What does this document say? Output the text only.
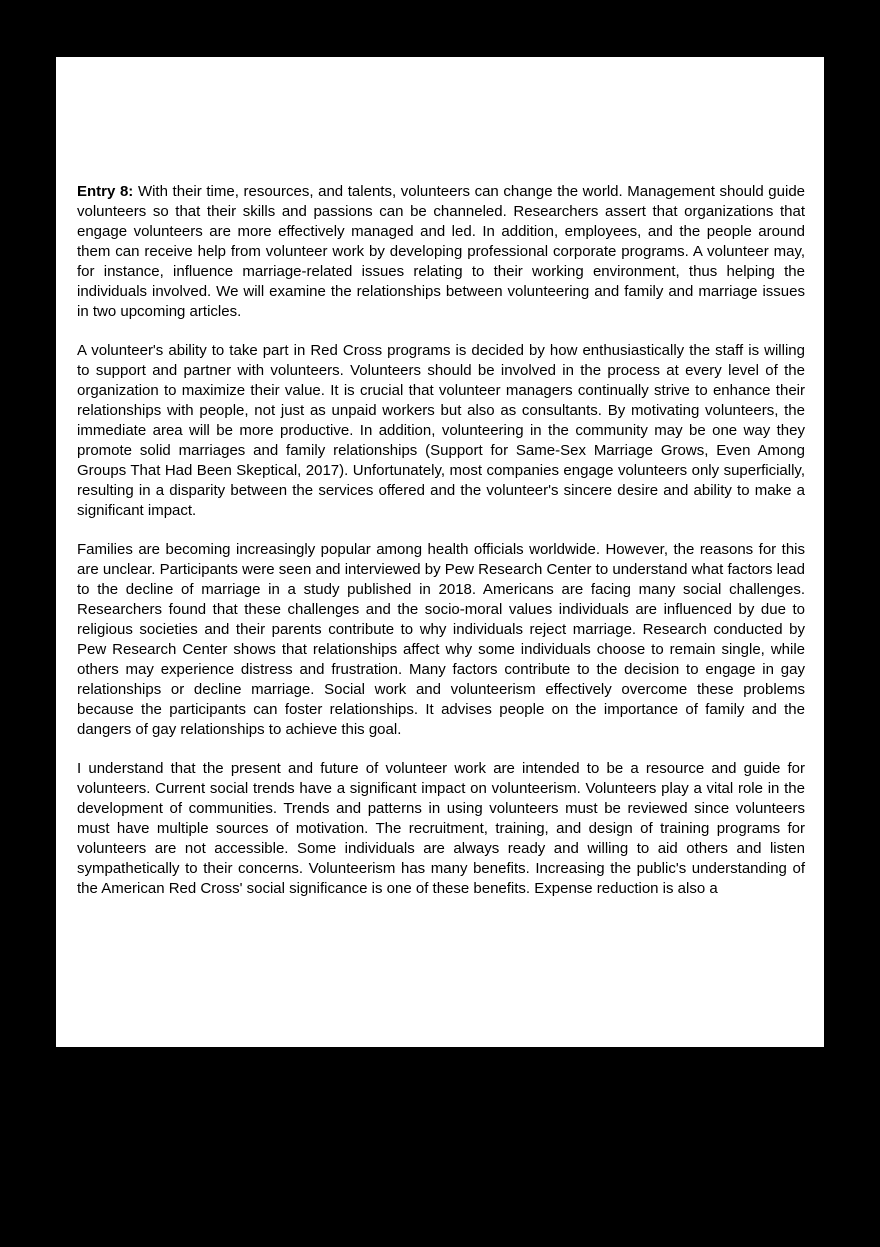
Entry 8: With their time, resources, and talents, volunteers can change the world. Management should guide volunteers so that their skills and passions can be channeled. Researchers assert that organizations that engage volunteers are more effectively managed and led. In addition, employees, and the people around them can receive help from volunteer work by developing professional corporate programs. A volunteer may, for instance, influence marriage-related issues relating to their working environment, thus helping the individuals involved. We will examine the relationships between volunteering and family and marriage issues in two upcoming articles.

A volunteer's ability to take part in Red Cross programs is decided by how enthusiastically the staff is willing to support and partner with volunteers. Volunteers should be involved in the process at every level of the organization to maximize their value. It is crucial that volunteer managers continually strive to enhance their relationships with people, not just as unpaid workers but also as consultants. By motivating volunteers, the immediate area will be more productive. In addition, volunteering in the community may be one way they promote solid marriages and family relationships (Support for Same-Sex Marriage Grows, Even Among Groups That Had Been Skeptical, 2017). Unfortunately, most companies engage volunteers only superficially, resulting in a disparity between the services offered and the volunteer's sincere desire and ability to make a significant impact.

Families are becoming increasingly popular among health officials worldwide. However, the reasons for this are unclear. Participants were seen and interviewed by Pew Research Center to understand what factors lead to the decline of marriage in a study published in 2018. Americans are facing many social challenges. Researchers found that these challenges and the socio-moral values individuals are influenced by due to religious societies and their parents contribute to why individuals reject marriage. Research conducted by Pew Research Center shows that relationships affect why some individuals choose to remain single, while others may experience distress and frustration. Many factors contribute to the decision to engage in gay relationships or decline marriage. Social work and volunteerism effectively overcome these problems because the participants can foster relationships. It advises people on the importance of family and the dangers of gay relationships to achieve this goal.

I understand that the present and future of volunteer work are intended to be a resource and guide for volunteers. Current social trends have a significant impact on volunteerism. Volunteers play a vital role in the development of communities. Trends and patterns in using volunteers must be reviewed since volunteers must have multiple sources of motivation. The recruitment, training, and design of training programs for volunteers are not accessible. Some individuals are always ready and willing to aid others and listen sympathetically to their concerns. Volunteerism has many benefits. Increasing the public's understanding of the American Red Cross' social significance is one of these benefits. Expense reduction is also a
